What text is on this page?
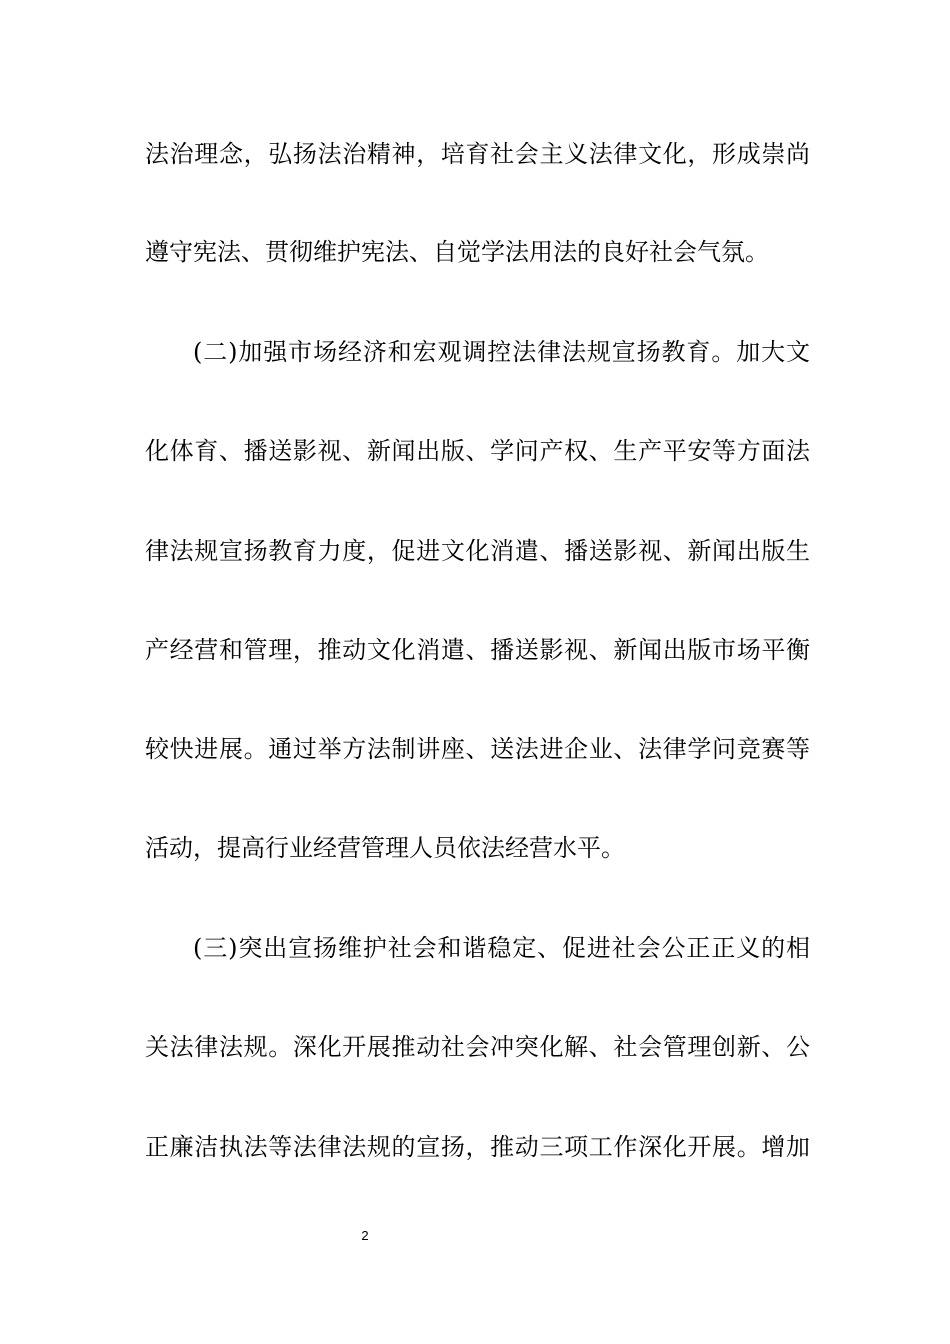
法治理念，弘扬法治精神，培育社会主义法律文化，形成崇尚
遵守宪法、贯彻维护宪法、自觉学法用法的良好社会气氛。
(二)加强市场经济和宏观调控法律法规宣扬教育。加大文
化体育、播送影视、新闻出版、学问产权、生产平安等方面法
律法规宣扬教育力度，促进文化消遣、播送影视、新闻出版生
产经营和管理，推动文化消遣、播送影视、新闻出版市场平衡
较快进展。通过举方法制讲座、送法进企业、法律学问竞赛等
活动，提高行业经营管理人员依法经营水平。
(三)突出宣扬维护社会和谐稳定、促进社会公正正义的相
关法律法规。深化开展推动社会冲突化解、社会管理创新、公
正廉洁执法等法律法规的宣扬，推动三项工作深化开展。增加
2
